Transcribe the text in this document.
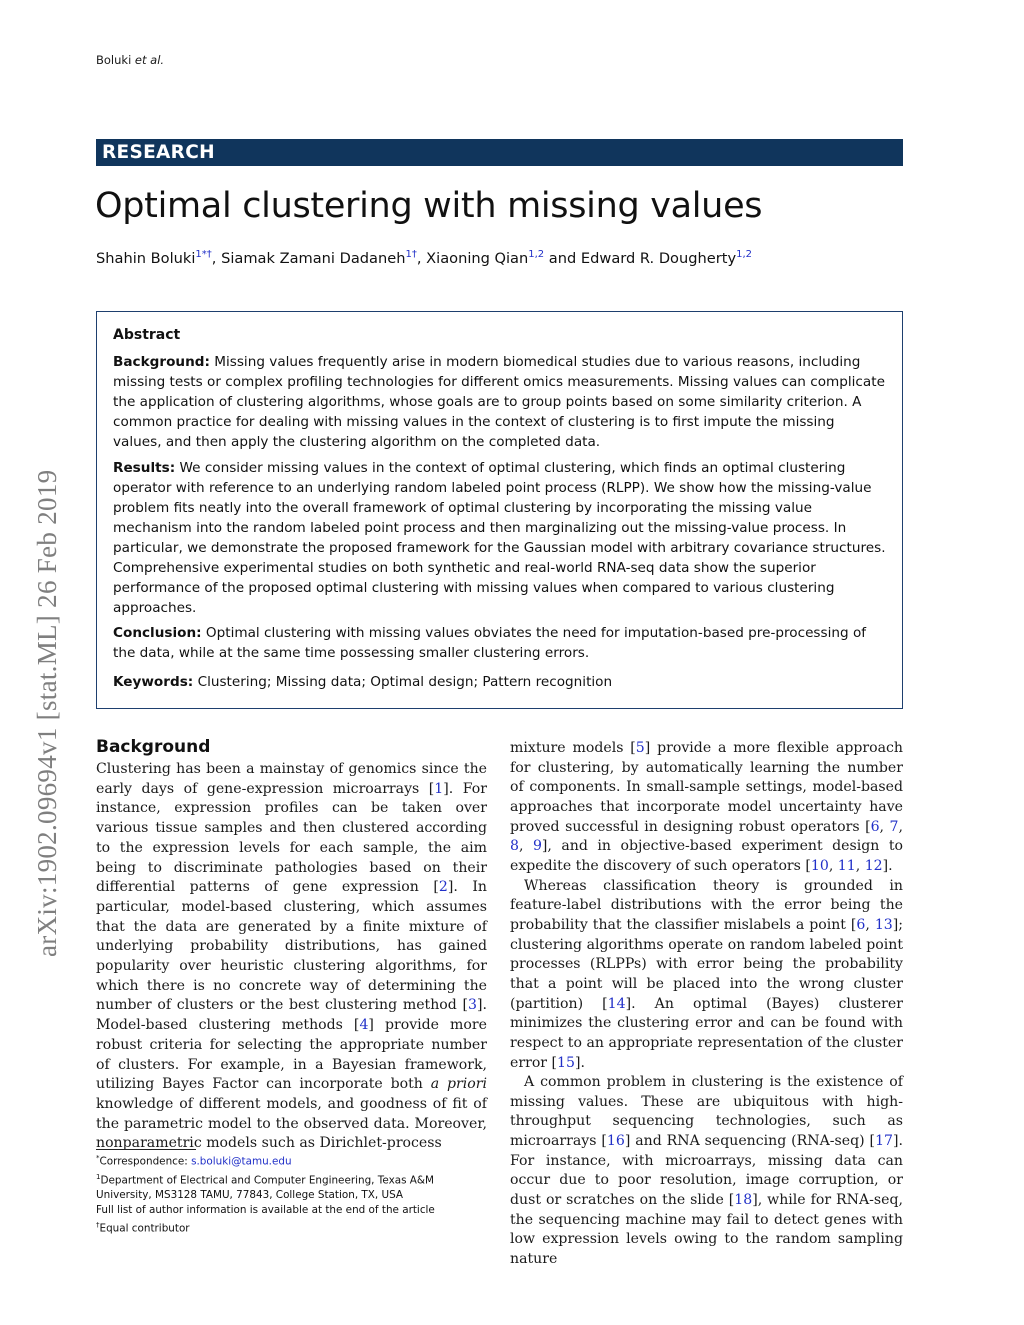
Boluki et al.
arXiv:1902.09694v1 [stat.ML] 26 Feb 2019
RESEARCH
Optimal clustering with missing values
Shahin Boluki$^{1*\dagger}$, Siamak Zamani Dadaneh$^{1\dagger}$, Xiaoning Qian$^{1,2}$ and Edward R. Dougherty$^{1,2}$
Abstract

Background: Missing values frequently arise in modern biomedical studies due to various reasons, including missing tests or complex profiling technologies for different omics measurements. Missing values can complicate the application of clustering algorithms, whose goals are to group points based on some similarity criterion. A common practice for dealing with missing values in the context of clustering is to first impute the missing values, and then apply the clustering algorithm on the completed data.

Results: We consider missing values in the context of optimal clustering, which finds an optimal clustering operator with reference to an underlying random labeled point process (RLPP). We show how the missing-value problem fits neatly into the overall framework of optimal clustering by incorporating the missing value mechanism into the random labeled point process and then marginalizing out the missing-value process. In particular, we demonstrate the proposed framework for the Gaussian model with arbitrary covariance structures. Comprehensive experimental studies on both synthetic and real-world RNA-seq data show the superior performance of the proposed optimal clustering with missing values when compared to various clustering approaches.

Conclusion: Optimal clustering with missing values obviates the need for imputation-based pre-processing of the data, while at the same time possessing smaller clustering errors.

Keywords: Clustering; Missing data; Optimal design; Pattern recognition

Background

Clustering has been a mainstay of genomics since the early days of gene-expression microarrays [1]. For instance, expression profiles can be taken over various tissue samples and then clustered according to the expression levels for each sample, the aim being to discriminate pathologies based on their differential patterns of gene expression [2]. In particular, model-based clustering, which assumes that the data are generated by a finite mixture of underlying probability distributions, has gained popularity over heuristic clustering algorithms, for which there is no concrete way of determining the number of clusters or the best clustering method [3]. Model-based clustering methods [4] provide more robust criteria for selecting the appropriate number of clusters. For example, in a Bayesian framework, utilizing Bayes Factor can incorporate both a priori knowledge of different models, and goodness of fit of the parametric model to the observed data. Moreover, nonparametric models such as Dirichlet-process

mixture models [5] provide a more flexible approach for clustering, by automatically learning the number of components. In small-sample settings, model-based approaches that incorporate model uncertainty have proved successful in designing robust operators [6, 7, 8, 9], and in objective-based experiment design to expedite the discovery of such operators [10, 11, 12].

Whereas classification theory is grounded in feature-label distributions with the error being the probability that the classifier mislabels a point [6, 13]; clustering algorithms operate on random labeled point processes (RLPPs) with error being the probability that a point will be placed into the wrong cluster (partition) [14]. An optimal (Bayes) clusterer minimizes the clustering error and can be found with respect to an appropriate representation of the cluster error [15].

A common problem in clustering is the existence of missing values. These are ubiquitous with high-throughput sequencing technologies, such as microarrays [16] and RNA sequencing (RNA-seq) [17]. For instance, with microarrays, missing data can occur due to poor resolution, image corruption, or dust or scratches on the slide [18], while for RNA-seq, the sequencing machine may fail to detect genes with low expression levels owing to the random sampling nature

*Correspondence: s.boluki@tamu.edu
$^1$Department of Electrical and Computer Engineering, Texas A&M
University, MS3128 TAMU, 77843, College Station, TX, USA
Full list of author information is available at the end of the article
†Equal contributor
